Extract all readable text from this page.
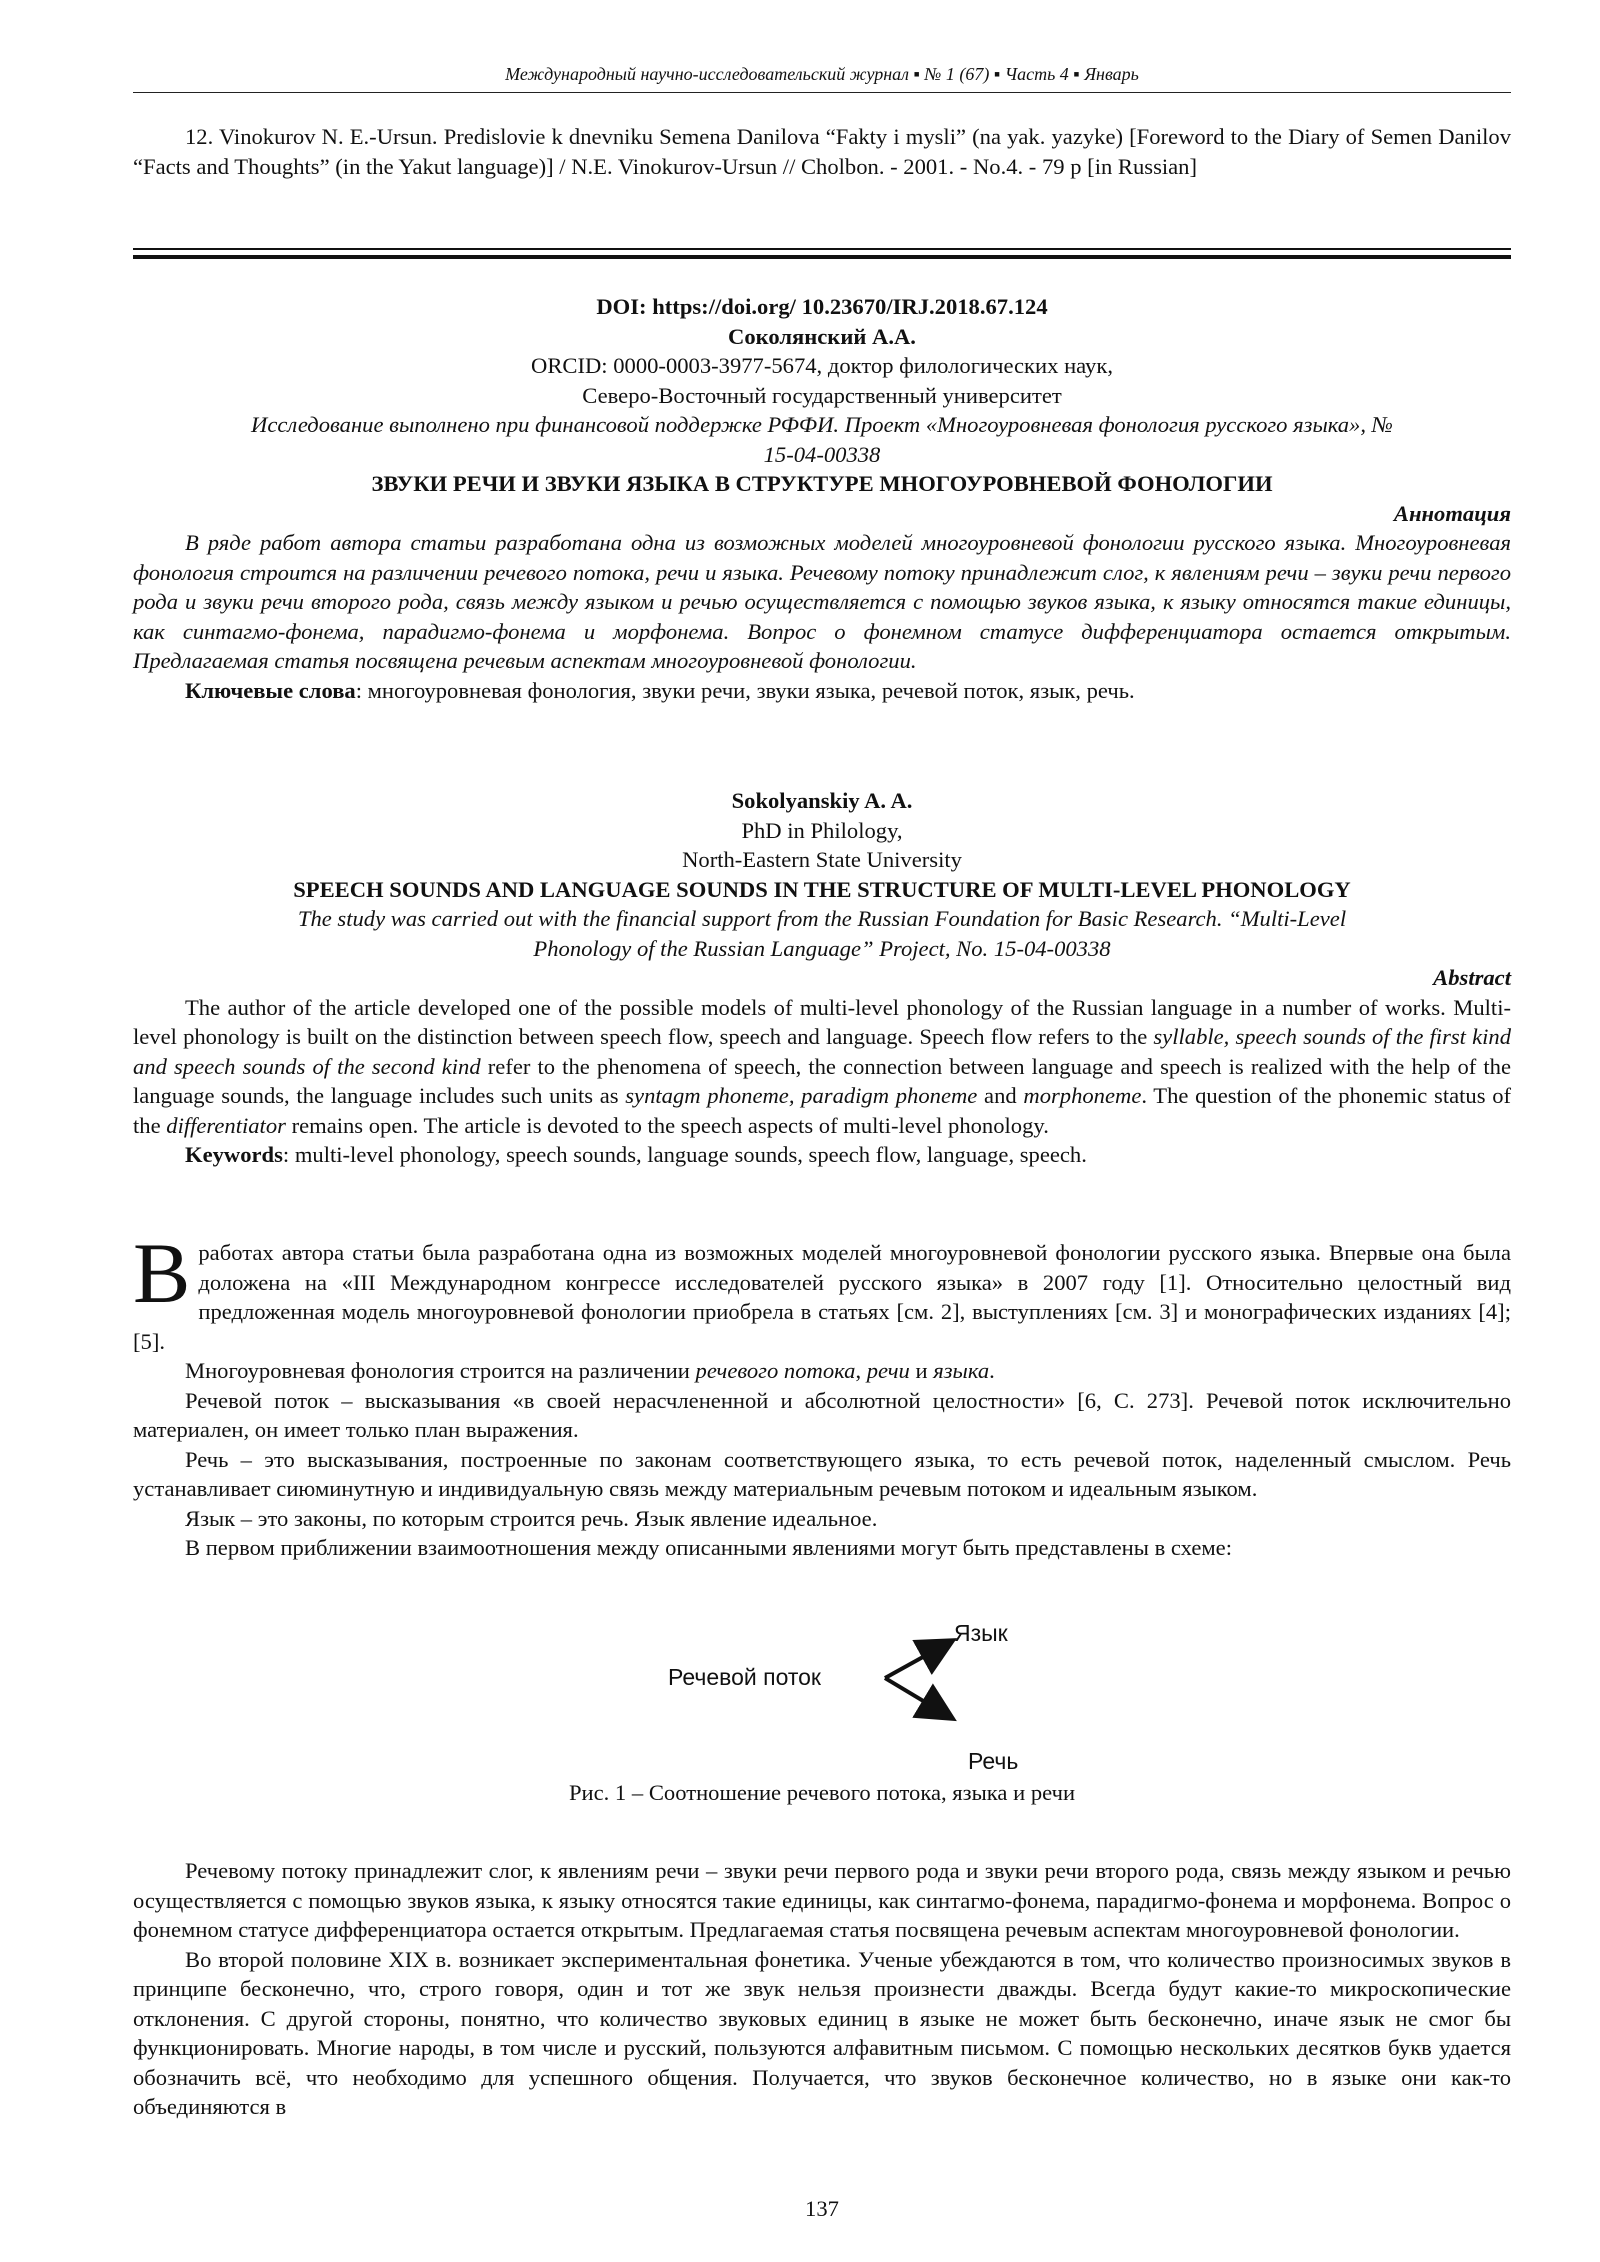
Международный научно-исследовательский журнал ▪ № 1 (67) ▪ Часть 4 ▪ Январь

12. Vinokurov N. E.-Ursun. Predislovie k dnevniku Semena Danilova “Fakty i mysli” (na yak. yazyke) [Foreword to the Diary of Semen Danilov “Facts and Thoughts” (in the Yakut language)] / N.E. Vinokurov-Ursun // Cholbon. - 2001. - No.4. - 79 p [in Russian]

DOI: https://doi.org/ 10.23670/IRJ.2018.67.124

Соколянский А.А.

ORCID: 0000-0003-3977-5674, доктор филологических наук,

Северо-Восточный государственный университет

Исследование выполнено при финансовой поддержке РФФИ. Проект «Многоуровневая фонология русского языка», №

15-04-00338

ЗВУКИ РЕЧИ И ЗВУКИ ЯЗЫКА В СТРУКТУРЕ МНОГОУРОВНЕВОЙ ФОНОЛОГИИ

Аннотация

В ряде работ автора статьи разработана одна из возможных моделей многоуровневой фонологии русского языка. Многоуровневая фонология строится на различении речевого потока, речи и языка. Речевому потоку принадлежит слог, к явлениям речи – звуки речи первого рода и звуки речи второго рода, связь между языком и речью осуществляется с помощью звуков языка, к языку относятся такие единицы, как синтагмо-фонема, парадигмо-фонема и морфонема. Вопрос о фонемном статусе дифференциатора остается открытым. Предлагаемая статья посвящена речевым аспектам многоуровневой фонологии.

Ключевые слова: многоуровневая фонология, звуки речи, звуки языка, речевой поток, язык, речь.

Sokolyanskiy A. A.

PhD in Philology,

North-Eastern State University

SPEECH SOUNDS AND LANGUAGE SOUNDS IN THE STRUCTURE OF MULTI-LEVEL PHONOLOGY

The study was carried out with the financial support from the Russian Foundation for Basic Research. “Multi-Level

Phonology of the Russian Language” Project, No. 15-04-00338

Abstract

The author of the article developed one of the possible models of multi-level phonology of the Russian language in a number of works. Multi-level phonology is built on the distinction between speech flow, speech and language. Speech flow refers to the syllable, speech sounds of the first kind and speech sounds of the second kind refer to the phenomena of speech, the connection between language and speech is realized with the help of the language sounds, the language includes such units as syntagm phoneme, paradigm phoneme and morphoneme. The question of the phonemic status of the differentiator remains open. The article is devoted to the speech aspects of multi-level phonology.

Keywords: multi-level phonology, speech sounds, language sounds, speech flow, language, speech.

Вработах автора статьи была разработана одна из возможных моделей многоуровневой фонологии русского языка. Впервые она была доложена на «III Международном конгрессе исследователей русского языка» в 2007 году [1]. Относительно целостный вид предложенная модель многоуровневой фонологии приобрела в статьях [см. 2], выступлениях [см. 3] и монографических изданиях [4]; [5].

Многоуровневая фонология строится на различении речевого потока, речи и языка.

Речевой поток – высказывания «в своей нерасчлененной и абсолютной целостности» [6, С. 273]. Речевой поток исключительно материален, он имеет только план выражения.

Речь – это высказывания, построенные по законам соответствующего языка, то есть речевой поток, наделенный смыслом. Речь устанавливает сиюминутную и индивидуальную связь между материальным речевым потоком и идеальным языком.

Язык – это законы, по которым строится речь. Язык явление идеальное.

В первом приближении взаимоотношения между описанными явлениями могут быть представлены в схеме:

Речевой поток
Язык
Речь
Рис. 1 – Соотношение речевого потока, языка и речи

Речевому потоку принадлежит слог, к явлениям речи – звуки речи первого рода и звуки речи второго рода, связь между языком и речью осуществляется с помощью звуков языка, к языку относятся такие единицы, как синтагмо-фонема, парадигмо-фонема и морфонема. Вопрос о фонемном статусе дифференциатора остается открытым. Предлагаемая статья посвящена речевым аспектам многоуровневой фонологии.

Во второй половине XIX в. возникает экспериментальная фонетика. Ученые убеждаются в том, что количество произносимых звуков в принципе бесконечно, что, строго говоря, один и тот же звук нельзя произнести дважды. Всегда будут какие-то микроскопические отклонения. С другой стороны, понятно, что количество звуковых единиц в языке не может быть бесконечно, иначе язык не смог бы функционировать. Многие народы, в том числе и русский, пользуются алфавитным письмом. С помощью нескольких десятков букв удается обозначить всё, что необходимо для успешного общения. Получается, что звуков бесконечное количество, но в языке они как-то объединяются в

137
